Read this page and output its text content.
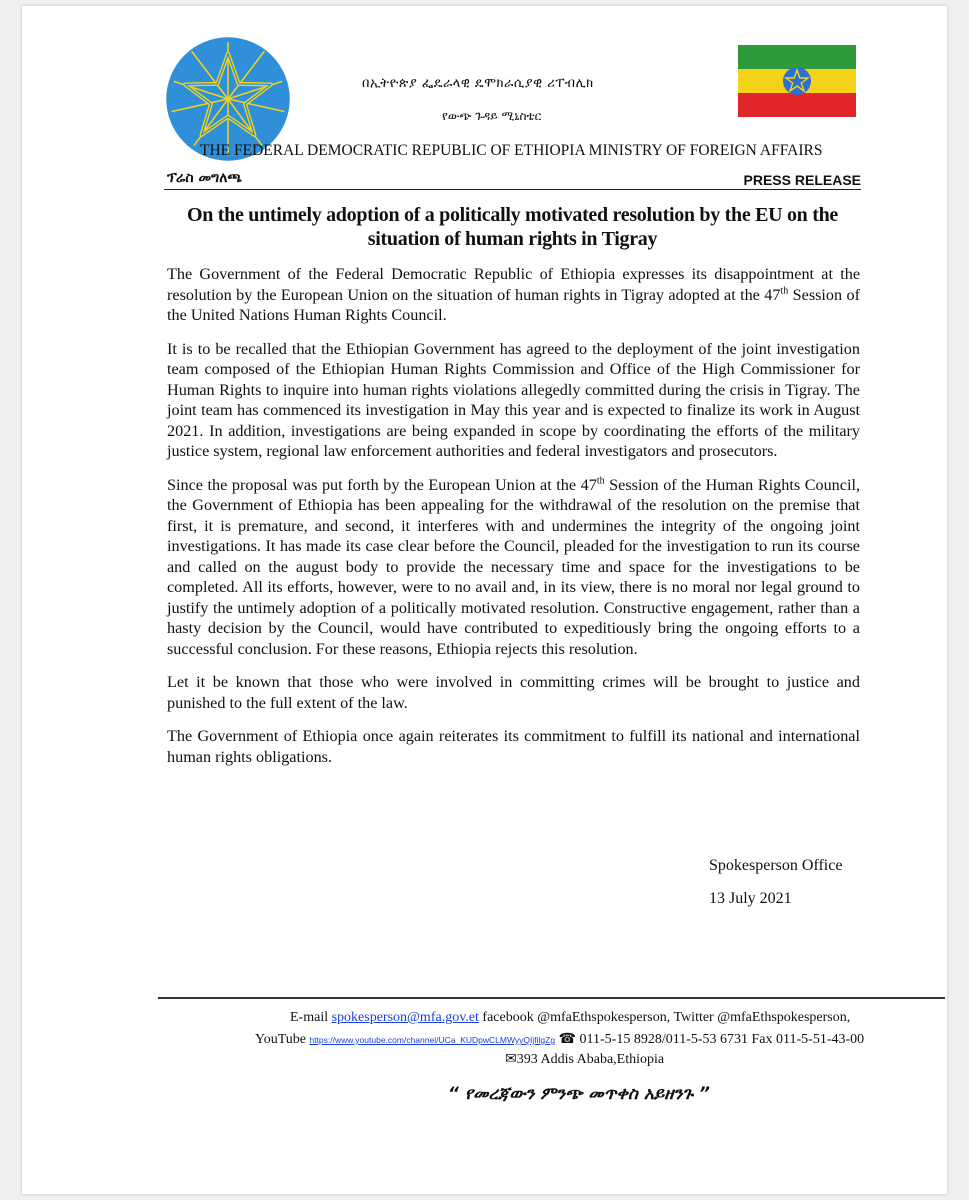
በኢትዮጵያ ፌዴራላዊ ዴሞክራሲያዊ ሪፐብሊክ
የውጭ ጉዳይ ሚኒስቴር
THE FEDERAL DEMOCRATIC REPUBLIC OF ETHIOPIA MINISTRY OF FOREIGN AFFAIRS
ፕሬስ መግለጫ	PRESS RELEASE
On the untimely adoption of a politically motivated resolution by the EU on the
situation of human rights in Tigray

The Government of the Federal Democratic Republic of Ethiopia expresses its disappointment at the resolution by the European Union on the situation of human rights in Tigray adopted at the 47th Session of the United Nations Human Rights Council.

It is to be recalled that the Ethiopian Government has agreed to the deployment of the joint investigation team composed of the Ethiopian Human Rights Commission and Office of the High Commissioner for Human Rights to inquire into human rights violations allegedly committed during the crisis in Tigray. The joint team has commenced its investigation in May this year and is expected to finalize its work in August 2021. In addition, investigations are being expanded in scope by coordinating the efforts of the military justice system, regional law enforcement authorities and federal investigators and prosecutors.

Since the proposal was put forth by the European Union at the 47th Session of the Human Rights Council, the Government of Ethiopia has been appealing for the withdrawal of the resolution on the premise that first, it is premature, and second, it interferes with and undermines the integrity of the ongoing joint investigations. It has made its case clear before the Council, pleaded for the investigation to run its course and called on the august body to provide the necessary time and space for the investigations to be completed. All its efforts, however, were to no avail and, in its view, there is no moral nor legal ground to justify the untimely adoption of a politically motivated resolution. Constructive engagement, rather than a hasty decision by the Council, would have contributed to expeditiously bring the ongoing efforts to a successful conclusion. For these reasons, Ethiopia rejects this resolution.

Let it be known that those who were involved in committing crimes will be brought to justice and punished to the full extent of the law.

The Government of Ethiopia once again reiterates its commitment to fulfill its national and international human rights obligations.

Spokesperson Office
13 July 2021
E-mail spokesperson@mfa.gov.et facebook @mfaEthspokesperson, Twitter @mfaEthspokesperson,
YouTube https://www.youtube.com/channel/UCa_KUDpwCLMWyyQIjfilgZg ☎ 011-5-15 8928/011-5-53 6731 Fax 011-5-51-43-00
✉393 Addis Ababa,Ethiopia
“ የመረጃውን ምንጭ መጥቀስ አይዘንጉ ”
